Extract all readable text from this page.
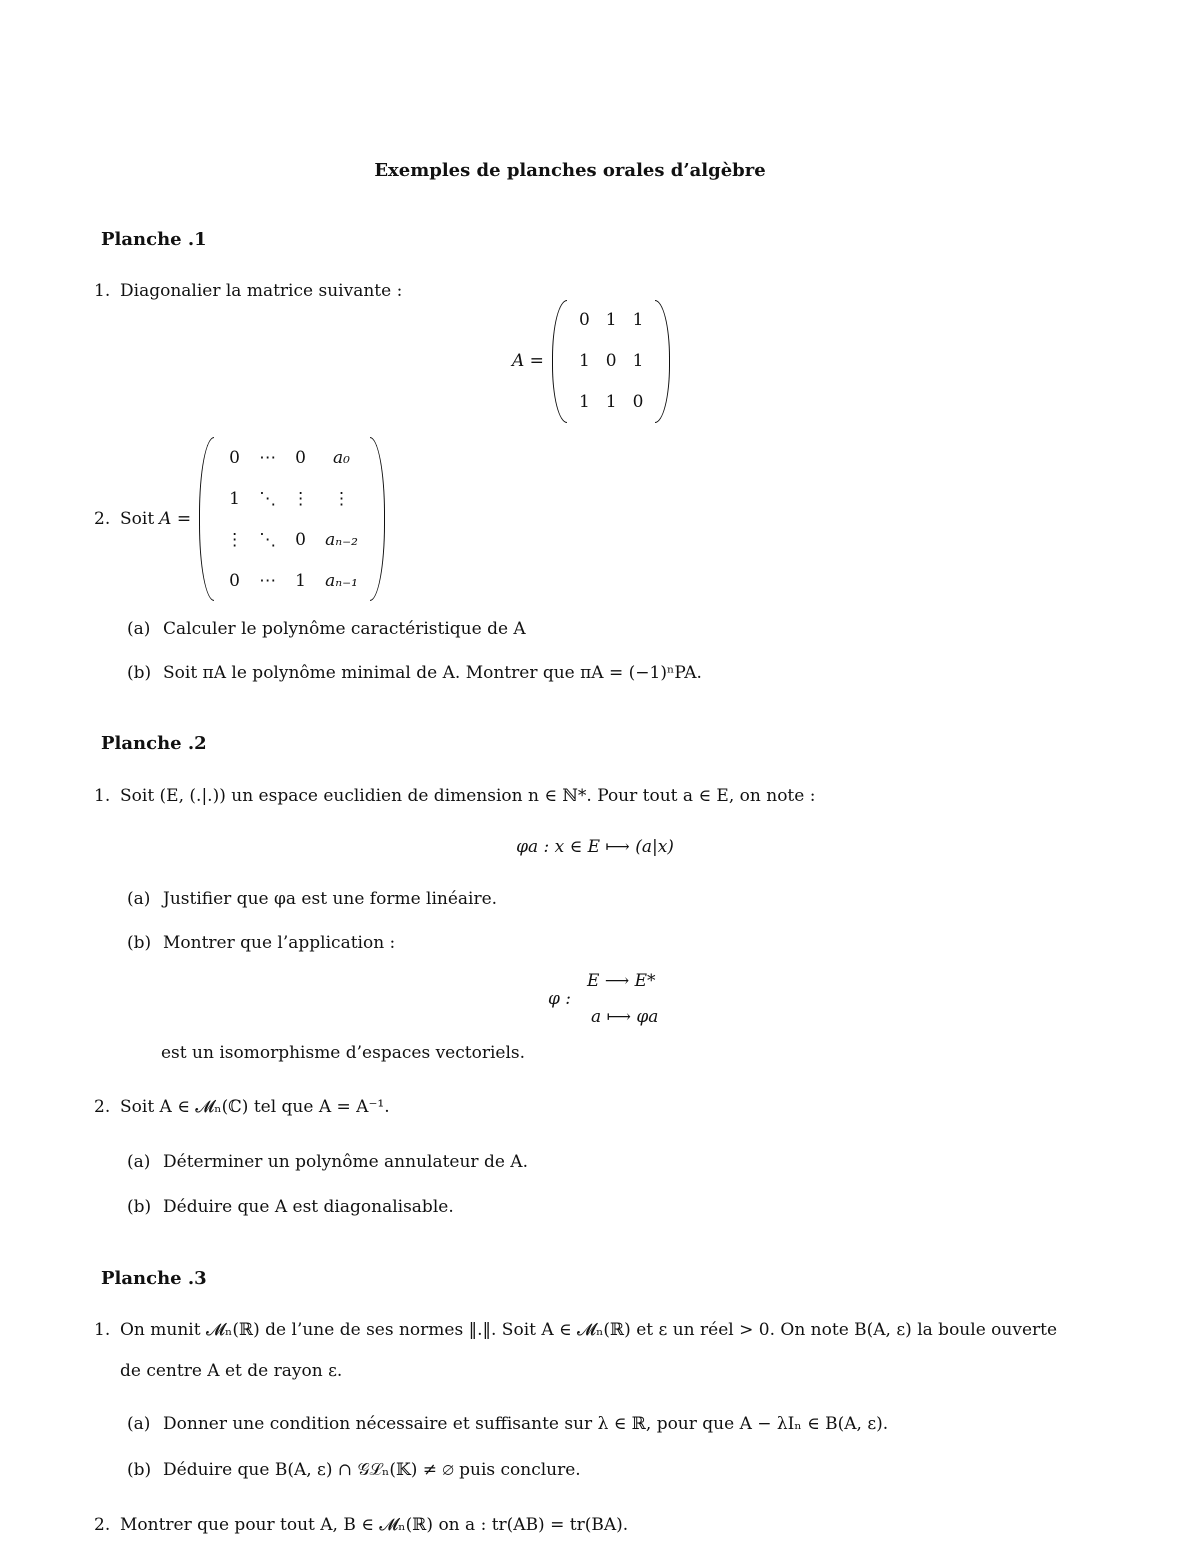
Exemples de planches orales d’algèbre
Planche .1
1. Diagonalier la matrice suivante :
A =
0	1	1
1	0	1
1	1	0
2. Soit A =
0	⋯	0	a₀
1	⋱	⋮	⋮
⋮	⋱	0	aₙ₋₂
0	⋯	1	aₙ₋₁
(a) Calculer le polynôme caractéristique de A
(b) Soit πA le polynôme minimal de A. Montrer que πA = (−1)ⁿPA.
Planche .2
1. Soit (E, (.|.)) un espace euclidien de dimension n ∈ ℕ*. Pour tout a ∈ E, on note :
φa : x ∈ E ⟼ (a|x)
(a) Justifier que φa est une forme linéaire.
(b) Montrer que l’application :
φ :
E ⟶ E*
a ⟼ φa
est un isomorphisme d’espaces vectoriels.
2. Soit A ∈ 𝓜ₙ(ℂ) tel que A = A⁻¹.
(a) Déterminer un polynôme annulateur de A.
(b) Déduire que A est diagonalisable.
Planche .3
1. On munit 𝓜ₙ(ℝ) de l’une de ses normes ‖.‖. Soit A ∈ 𝓜ₙ(ℝ) et ε un réel > 0. On note B(A, ε) la boule ouverte
de centre A et de rayon ε.
(a) Donner une condition nécessaire et suffisante sur λ ∈ ℝ, pour que A − λIₙ ∈ B(A, ε).
(b) Déduire que B(A, ε) ∩ 𝒢ℒₙ(𝕂) ≠ ∅ puis conclure.
2. Montrer que pour tout A, B ∈ 𝓜ₙ(ℝ) on a : tr(AB) = tr(BA).
